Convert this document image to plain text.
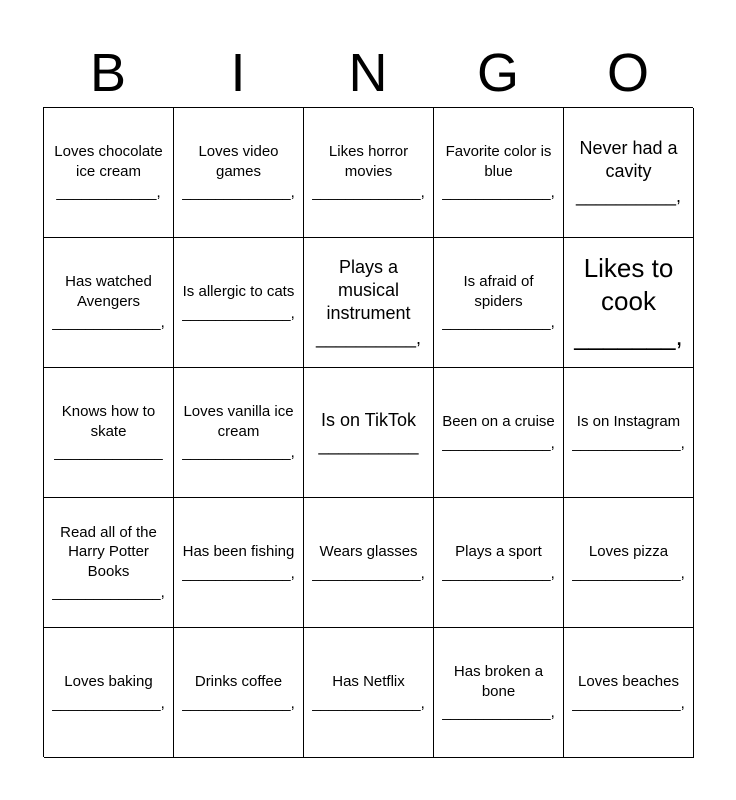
B	I	N	G	O
Loves chocolate ice cream
____________,
Loves video games
_____________,
Likes horror movies
_____________,
Favorite color is blue
_____________,
Never had a cavity
__________,
Has watched Avengers
_____________,
Is allergic to cats
_____________,
Plays a musical instrument
__________,
Is afraid of spiders
_____________,
Likes to cook
_______,
Knows how to skate
_____________
Loves vanilla ice cream
_____________,
Is on TikTok
__________
Been on a cruise
_____________,
Is on Instagram
_____________,
Read all of the Harry Potter Books
_____________,
Has been fishing
_____________,
Wears glasses
_____________,
Plays a sport
_____________,
Loves pizza
_____________,
Loves baking
_____________,
Drinks coffee
_____________,
Has Netflix
_____________,
Has broken a bone
_____________,
Loves beaches
_____________,
